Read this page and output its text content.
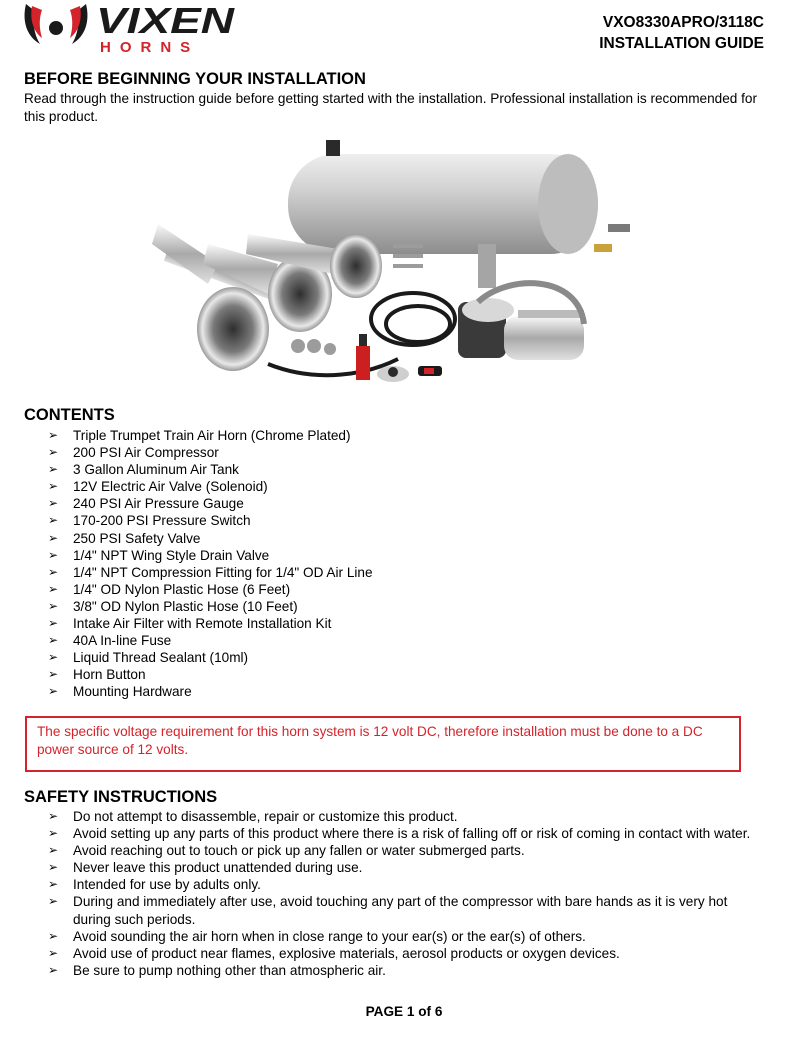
VIXEN
HORNS
VXO8330APRO/3118C
INSTALLATION GUIDE
BEFORE BEGINNING YOUR INSTALLATION

Read through the instruction guide before getting started with the installation. Professional installation is recommended for this product.

CONTENTS
➢	Triple Trumpet Train Air Horn (Chrome Plated)
➢	200 PSI Air Compressor
➢	3 Gallon Aluminum Air Tank
➢	12V Electric Air Valve (Solenoid)
➢	240 PSI Air Pressure Gauge
➢	170-200 PSI Pressure Switch
➢	250 PSI Safety Valve
➢	1/4" NPT Wing Style Drain Valve
➢	1/4" NPT Compression Fitting for 1/4" OD Air Line
➢	1/4" OD Nylon Plastic Hose (6 Feet)
➢	3/8" OD Nylon Plastic Hose (10 Feet)
➢	Intake Air Filter with Remote Installation Kit
➢	40A In-line Fuse
➢	Liquid Thread Sealant (10ml)
➢	Horn Button
➢	Mounting Hardware
The specific voltage requirement for this horn system is 12 volt DC, therefore installation must be done to a DC power source of 12 volts.
SAFETY INSTRUCTIONS
➢	Do not attempt to disassemble, repair or customize this product.
➢	Avoid setting up any parts of this product where there is a risk of falling off or risk of coming in contact with water.
➢	Avoid reaching out to touch or pick up any fallen or water submerged parts.
➢	Never leave this product unattended during use.
➢	Intended for use by adults only.
➢	During and immediately after use, avoid touching any part of the compressor with bare hands as it is very hot during such periods.
➢	Avoid sounding the air horn when in close range to your ear(s) or the ear(s) of others.
➢	Avoid use of product near flames, explosive materials, aerosol products or oxygen devices.
➢	Be sure to pump nothing other than atmospheric air.
PAGE 1 of 6
